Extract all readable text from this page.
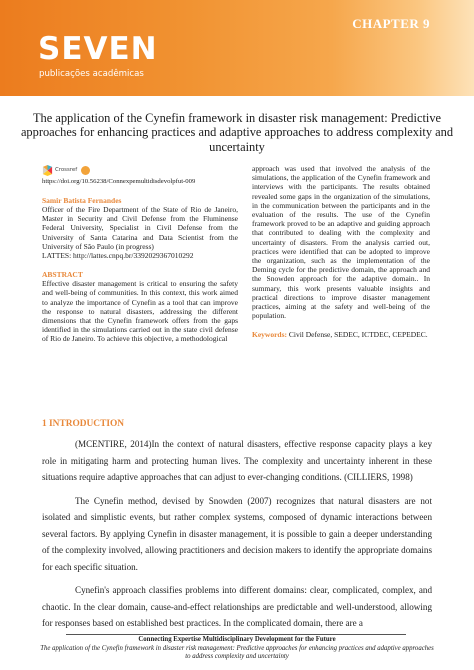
SEVEN
publicações acadêmicas
CHAPTER 9
The application of the Cynefin framework in disaster risk management: Predictive approaches for enhancing practices and adaptive approaches to address complexity and uncertainty
Crossref
https://doi.org/10.56238/Connexpemultidisdevolpfut-009
Samir Batista Fernandes
Officer of the Fire Department of the State of Rio de Janeiro, Master in Security and Civil Defense from the Fluminense Federal University, Specialist in Civil Defense from the University of Santa Catarina and Data Scientist from the University of São Paulo (in progress)
LATTES: http://lattes.cnpq.br/3392029367010292
ABSTRACT
Effective disaster management is critical to ensuring the safety and well-being of communities. In this context, this work aimed to analyze the importance of Cynefin as a tool that can improve the response to natural disasters, addressing the different dimensions that the Cynefin framework offers from the gaps identified in the simulations carried out in the state civil defense of Rio de Janeiro. To achieve this objective, a methodological
approach was used that involved the analysis of the simulations, the application of the Cynefin framework and interviews with the participants. The results obtained revealed some gaps in the organization of the simulations, in the communication between the participants and in the evaluation of the results. The use of the Cynefin framework proved to be an adaptive and guiding approach that contributed to dealing with the complexity and uncertainty of disasters. From the analysis carried out, practices were identified that can be adopted to improve the organization, such as the implementation of the Deming cycle for the predictive domain, the approach and the Snowden approach for the adaptive domain.. In summary, this work presents valuable insights and practical directions to improve disaster management practices, aiming at the safety and well-being of the population.
Keywords: Civil Defense, SEDEC, ICTDEC, CEPEDEC.
1 INTRODUCTION

(MCENTIRE, 2014)In the context of natural disasters, effective response capacity plays a key role in mitigating harm and protecting human lives. The complexity and uncertainty inherent in these situations require adaptive approaches that can adjust to ever-changing conditions. (CILLIERS, 1998)

The Cynefin method, devised by Snowden (2007) recognizes that natural disasters are not isolated and simplistic events, but rather complex systems, composed of dynamic interactions between several factors. By applying Cynefin in disaster management, it is possible to gain a deeper understanding of the complexity involved, allowing practitioners and decision makers to identify the appropriate domains for each specific situation.

Cynefin's approach classifies problems into different domains: clear, complicated, complex, and chaotic. In the clear domain, cause-and-effect relationships are predictable and well-understood, allowing for responses based on established best practices. In the complicated domain, there are a

Connecting Expertise Multidisciplinary Development for the Future
The application of the Cynefin framework in disaster risk management: Predictive approaches for enhancing practices and adaptive approaches to address complexity and uncertainty
